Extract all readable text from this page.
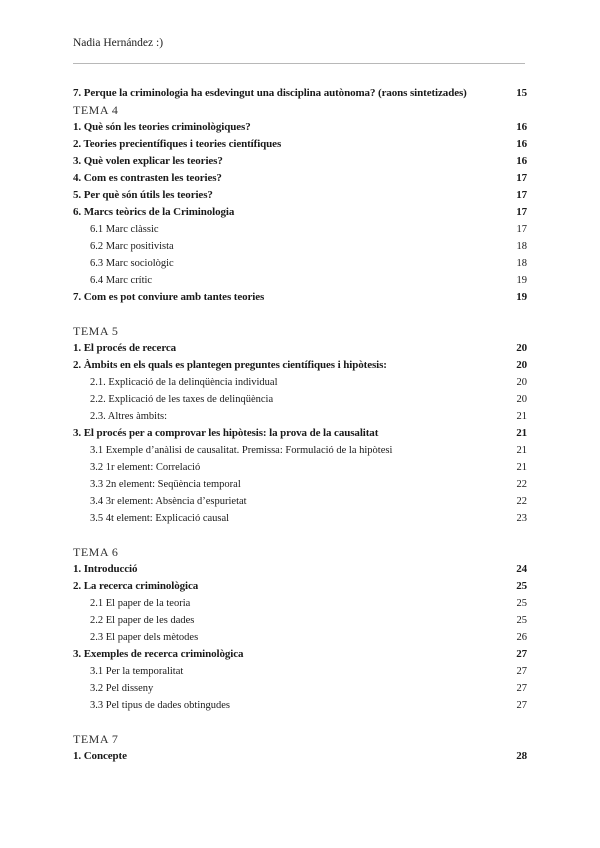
Nadia Hernández :)
7. Perque la criminologia ha esdevingut una disciplina autònoma? (raons sintetizades)	15
TEMA 4
1. Què són les teories criminològiques?	16
2. Teories precientífiques i teories científiques	16
3. Què volen explicar les teories?	16
4. Com es contrasten les teories?	17
5. Per què són útils les teories?	17
6. Marcs teòrics de la Criminologia	17
6.1 Marc clàssic	17
6.2 Marc positivista	18
6.3 Marc sociològic	18
6.4 Marc crític	19
7. Com es pot conviure amb tantes teories	19
TEMA 5
1. El procés de recerca	20
2. Àmbits en els quals es plantegen preguntes científiques i hipòtesis:	20
2.1. Explicació de la delinqüència individual	20
2.2. Explicació de les taxes de delinqüència	20
2.3. Altres àmbits:	21
3. El procés per a comprovar les hipòtesis: la prova de la causalitat	21
3.1 Exemple d’anàlisi de causalitat. Premissa: Formulació de la hipòtesi	21
3.2 1r element: Correlació	21
3.3 2n element: Seqüència temporal	22
3.4 3r element: Absència d’espurietat	22
3.5 4t element: Explicació causal	23
TEMA 6
1. Introducció	24
2. La recerca criminològica	25
2.1 El paper de la teoria	25
2.2 El paper de les dades	25
2.3 El paper dels mètodes	26
3. Exemples de recerca criminològica	27
3.1 Per la temporalitat	27
3.2 Pel disseny	27
3.3 Pel tipus de dades obtingudes	27
TEMA 7
1. Concepte	28
